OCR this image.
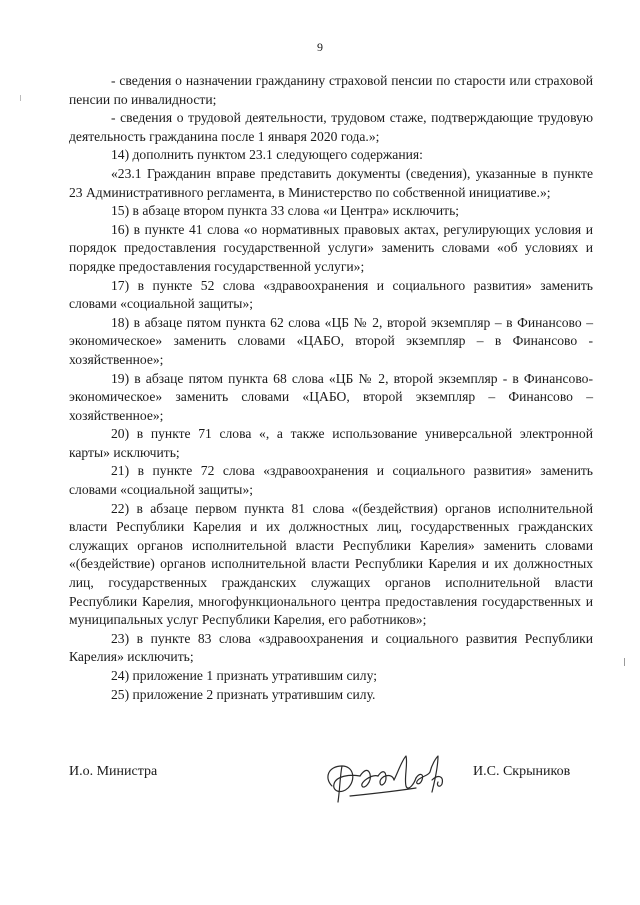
9

- сведения о назначении гражданину страховой пенсии по старости или страховой пенсии по инвалидности;

- сведения о трудовой деятельности, трудовом стаже, подтверждающие трудовую деятельность гражданина после 1 января 2020 года.»;

14) дополнить пунктом 23.1 следующего содержания:

«23.1 Гражданин вправе представить документы (сведения), указанные в пункте 23 Административного регламента, в Министерство по собственной инициативе.»;

15) в абзаце втором пункта 33 слова «и Центра» исключить;

16) в пункте 41 слова «о нормативных правовых актах, регулирующих условия и порядок предоставления государственной услуги» заменить словами «об условиях и порядке предоставления государственной услуги»;

17) в пункте 52 слова «здравоохранения и социального развития» заменить словами «социальной защиты»;

18) в абзаце пятом пункта 62 слова «ЦБ № 2, второй экземпляр – в Финансово – экономическое» заменить словами «ЦАБО, второй экземпляр – в Финансово - хозяйственное»;

19) в абзаце пятом пункта 68 слова «ЦБ № 2, второй экземпляр - в Финансово-экономическое» заменить словами «ЦАБО, второй экземпляр – Финансово – хозяйственное»;

20) в пункте 71 слова «, а также использование универсальной электронной карты» исключить;

21) в пункте 72 слова «здравоохранения и социального развития» заменить словами «социальной защиты»;

22) в абзаце первом пункта 81 слова «(бездействия) органов исполнительной власти Республики Карелия и их должностных лиц, государственных гражданских служащих органов исполнительной власти Республики Карелия» заменить словами «(бездействие) органов исполнительной власти Республики Карелия и их должностных лиц, государственных гражданских служащих органов исполнительной власти Республики Карелия, многофункционального центра предоставления государственных и муниципальных услуг Республики Карелия, его работников»;

23) в пункте 83 слова «здравоохранения и социального развития Республики Карелия» исключить;

24) приложение 1 признать утратившим силу;

25) приложение 2 признать утратившим силу.

И.о. Министра	И.С. Скрыников
